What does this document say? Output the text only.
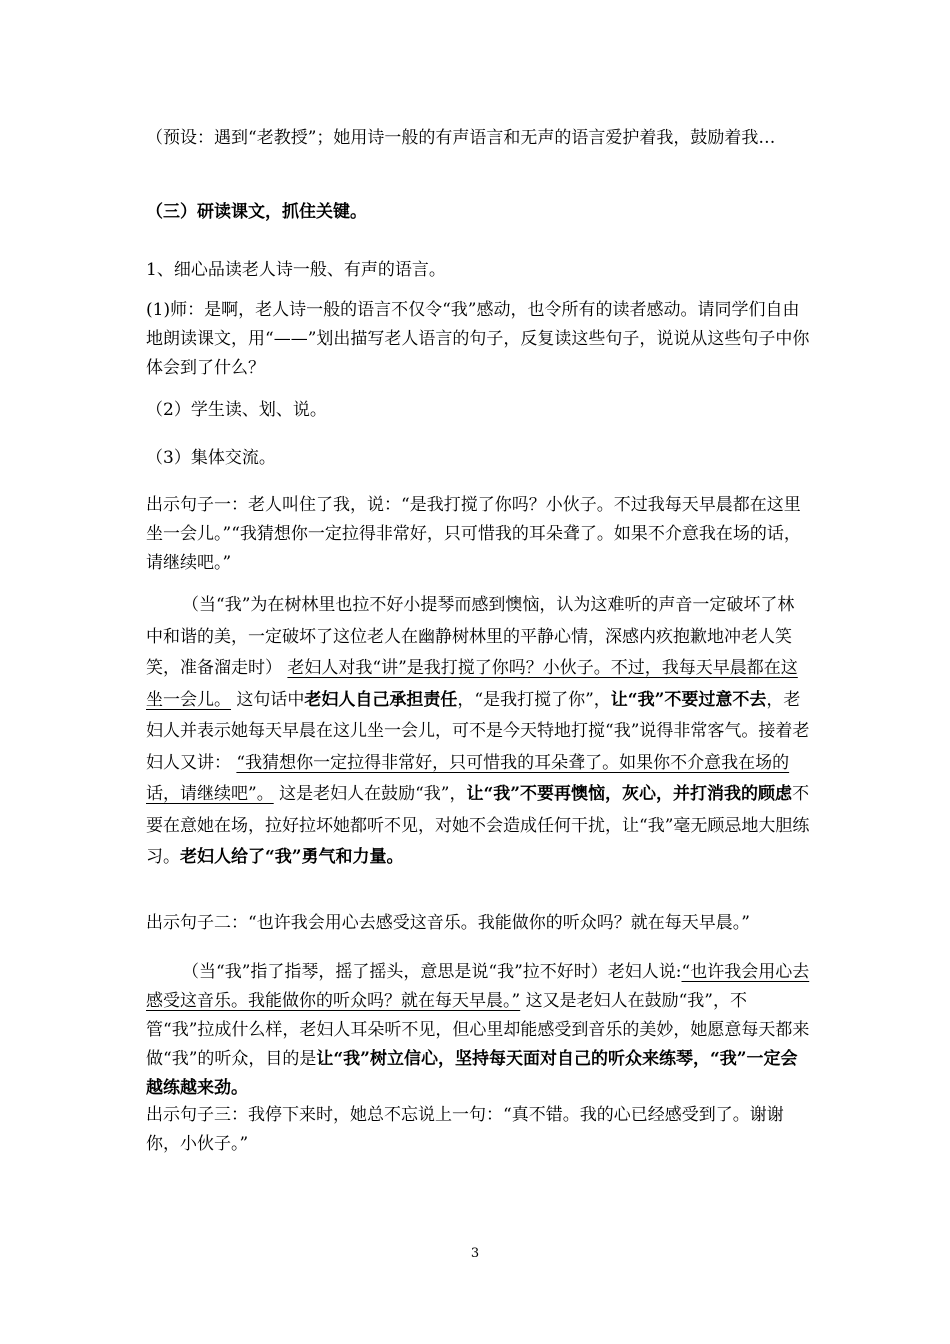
（预设：遇到“老教授”；她用诗一般的有声语言和无声的语言爱护着我，鼓励着我…

（三）研读课文，抓住关键。

1、细心品读老人诗一般、有声的语言。

(1)师：是啊，老人诗一般的语言不仅令“我”感动，也令所有的读者感动。请同学们自由地朗读课文，用“——”划出描写老人语言的句子，反复读这些句子，说说从这些句子中你体会到了什么？

（2）学生读、划、说。

（3）集体交流。

出示句子一：老人叫住了我，说：“是我打搅了你吗？小伙子。不过我每天早晨都在这里坐一会儿。”“我猜想你一定拉得非常好，只可惜我的耳朵聋了。如果不介意我在场的话，请继续吧。”

（当“我”为在树林里也拉不好小提琴而感到懊恼，认为这难听的声音一定破坏了林中和谐的美，一定破坏了这位老人在幽静树林里的平静心情，深感内疚抱歉地冲老人笑笑，准备溜走时） 老妇人对我“讲”是我打搅了你吗？小伙子。不过，我每天早晨都在这坐一会儿。 这句话中老妇人自己承担责任，“是我打搅了你”，让“我”不要过意不去，老妇人并表示她每天早晨在这儿坐一会儿，可不是今天特地打搅“我”说得非常客气。接着老妇人又讲： “我猜想你一定拉得非常好，只可惜我的耳朵聋了。如果你不介意我在场的话，请继续吧”。 这是老妇人在鼓励“我”，让“我”不要再懊恼，灰心，并打消我的顾虑不要在意她在场，拉好拉坏她都听不见，对她不会造成任何干扰，让“我”毫无顾忌地大胆练习。老妇人给了“我”勇气和力量。

出示句子二：“也许我会用心去感受这音乐。我能做你的听众吗？就在每天早晨。”

（当“我”指了指琴，摇了摇头，意思是说“我”拉不好时）老妇人说:“也许我会用心去感受这音乐。我能做你的听众吗？就在每天早晨。” 这又是老妇人在鼓励“我”，不管“我”拉成什么样，老妇人耳朵听不见，但心里却能感受到音乐的美妙，她愿意每天都来做“我”的听众，目的是让“我”树立信心，坚持每天面对自己的听众来练琴，“我”一定会越练越来劲。

出示句子三：我停下来时，她总不忘说上一句：“真不错。我的心已经感受到了。谢谢你，小伙子。”

3
